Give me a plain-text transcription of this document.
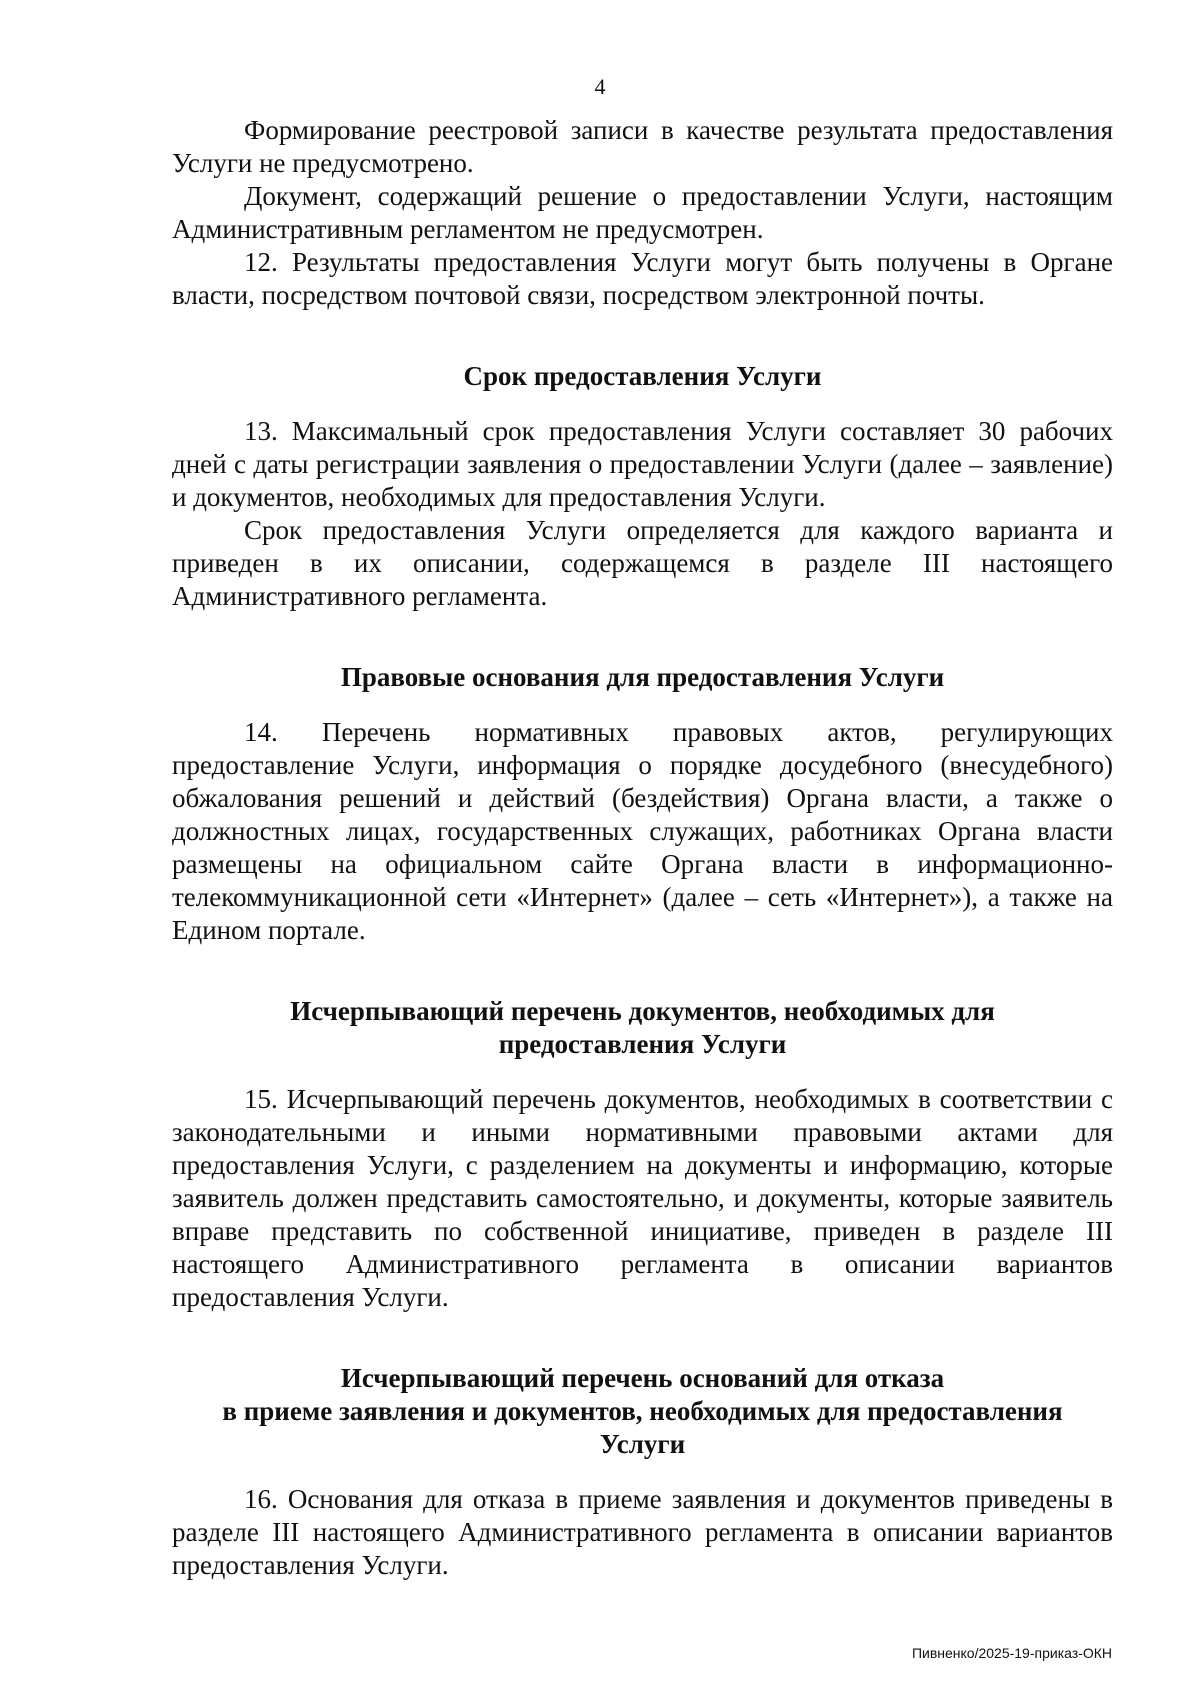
4

Формирование реестровой записи в качестве результата предоставления Услуги не предусмотрено.

Документ, содержащий решение о предоставлении Услуги, настоящим Административным регламентом не предусмотрен.

12. Результаты предоставления Услуги могут быть получены в Органе власти, посредством почтовой связи, посредством электронной почты.

Срок предоставления Услуги

13. Максимальный срок предоставления Услуги составляет 30 рабочих дней с даты регистрации заявления о предоставлении Услуги (далее – заявление) и документов, необходимых для предоставления Услуги.

Срок предоставления Услуги определяется для каждого варианта и приведен в их описании, содержащемся в разделе III настоящего Административного регламента.

Правовые основания для предоставления Услуги

14. Перечень нормативных правовых актов, регулирующих предоставление Услуги, информация о порядке досудебного (внесудебного) обжалования решений и действий (бездействия) Органа власти, а также о должностных лицах, государственных служащих, работниках Органа власти размещены на официальном сайте Органа власти в информационно-телекоммуникационной сети «Интернет» (далее – сеть «Интернет»), а также на Едином портале.

Исчерпывающий перечень документов, необходимых для
предоставления Услуги

15. Исчерпывающий перечень документов, необходимых в соответствии с законодательными и иными нормативными правовыми актами для предоставления Услуги, с разделением на документы и информацию, которые заявитель должен представить самостоятельно, и документы, которые заявитель вправе представить по собственной инициативе, приведен в разделе III настоящего Административного регламента в описании вариантов предоставления Услуги.

Исчерпывающий перечень оснований для отказа
в приеме заявления и документов, необходимых для предоставления
Услуги

16. Основания для отказа в приеме заявления и документов приведены в разделе III настоящего Административного регламента в описании вариантов предоставления Услуги.

Пивненко/2025-19-приказ-ОКН
